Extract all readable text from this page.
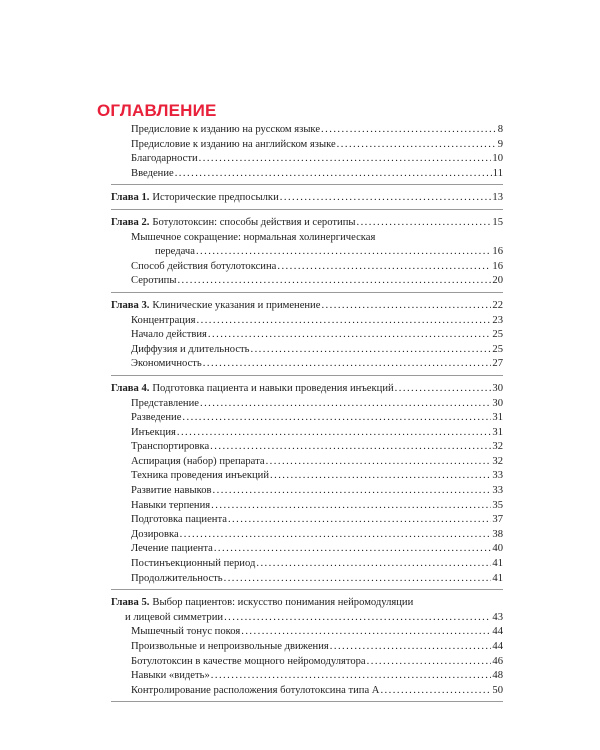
ОГЛАВЛЕНИЕ
Предисловие к изданию на русском языке . . .	8
Предисловие к изданию на английском языке . . .	9
Благодарности . . .	10
Введение . . .	11
Глава 1. Исторические предпосылки . . .	13
Глава 2. Ботулотоксин: способы действия и серотипы . . .	15
Мышечное сокращение: нормальная холинергическая
передача . . .	16
Способ действия ботулотоксина . . .	16
Серотипы . . .	20
Глава 3. Клинические указания и применение . . .	22
Концентрация . . .	23
Начало действия . . .	25
Диффузия и длительность . . .	25
Экономичность . . .	27
Глава 4. Подготовка пациента и навыки проведения инъекций . . .	30
Представление . . .	30
Разведение . . .	31
Инъекция . . .	31
Транспортировка . . .	32
Аспирация (набор) препарата . . .	32
Техника проведения инъекций . . .	33
Развитие навыков . . .	33
Навыки терпения . . .	35
Подготовка пациента . . .	37
Дозировка . . .	38
Лечение пациента . . .	40
Постинъекционный период . . .	41
Продолжительность . . .	41
Глава 5. Выбор пациентов: искусство понимания нейромодуляции
и лицевой симметрии . . .	43
Мышечный тонус покоя . . .	44
Произвольные и непроизвольные движения . . .	44
Ботулотоксин в качестве мощного нейромодулятора . . .	46
Навыки «видеть» . . .	48
Контролирование расположения ботулотоксина типа А . . .	50
